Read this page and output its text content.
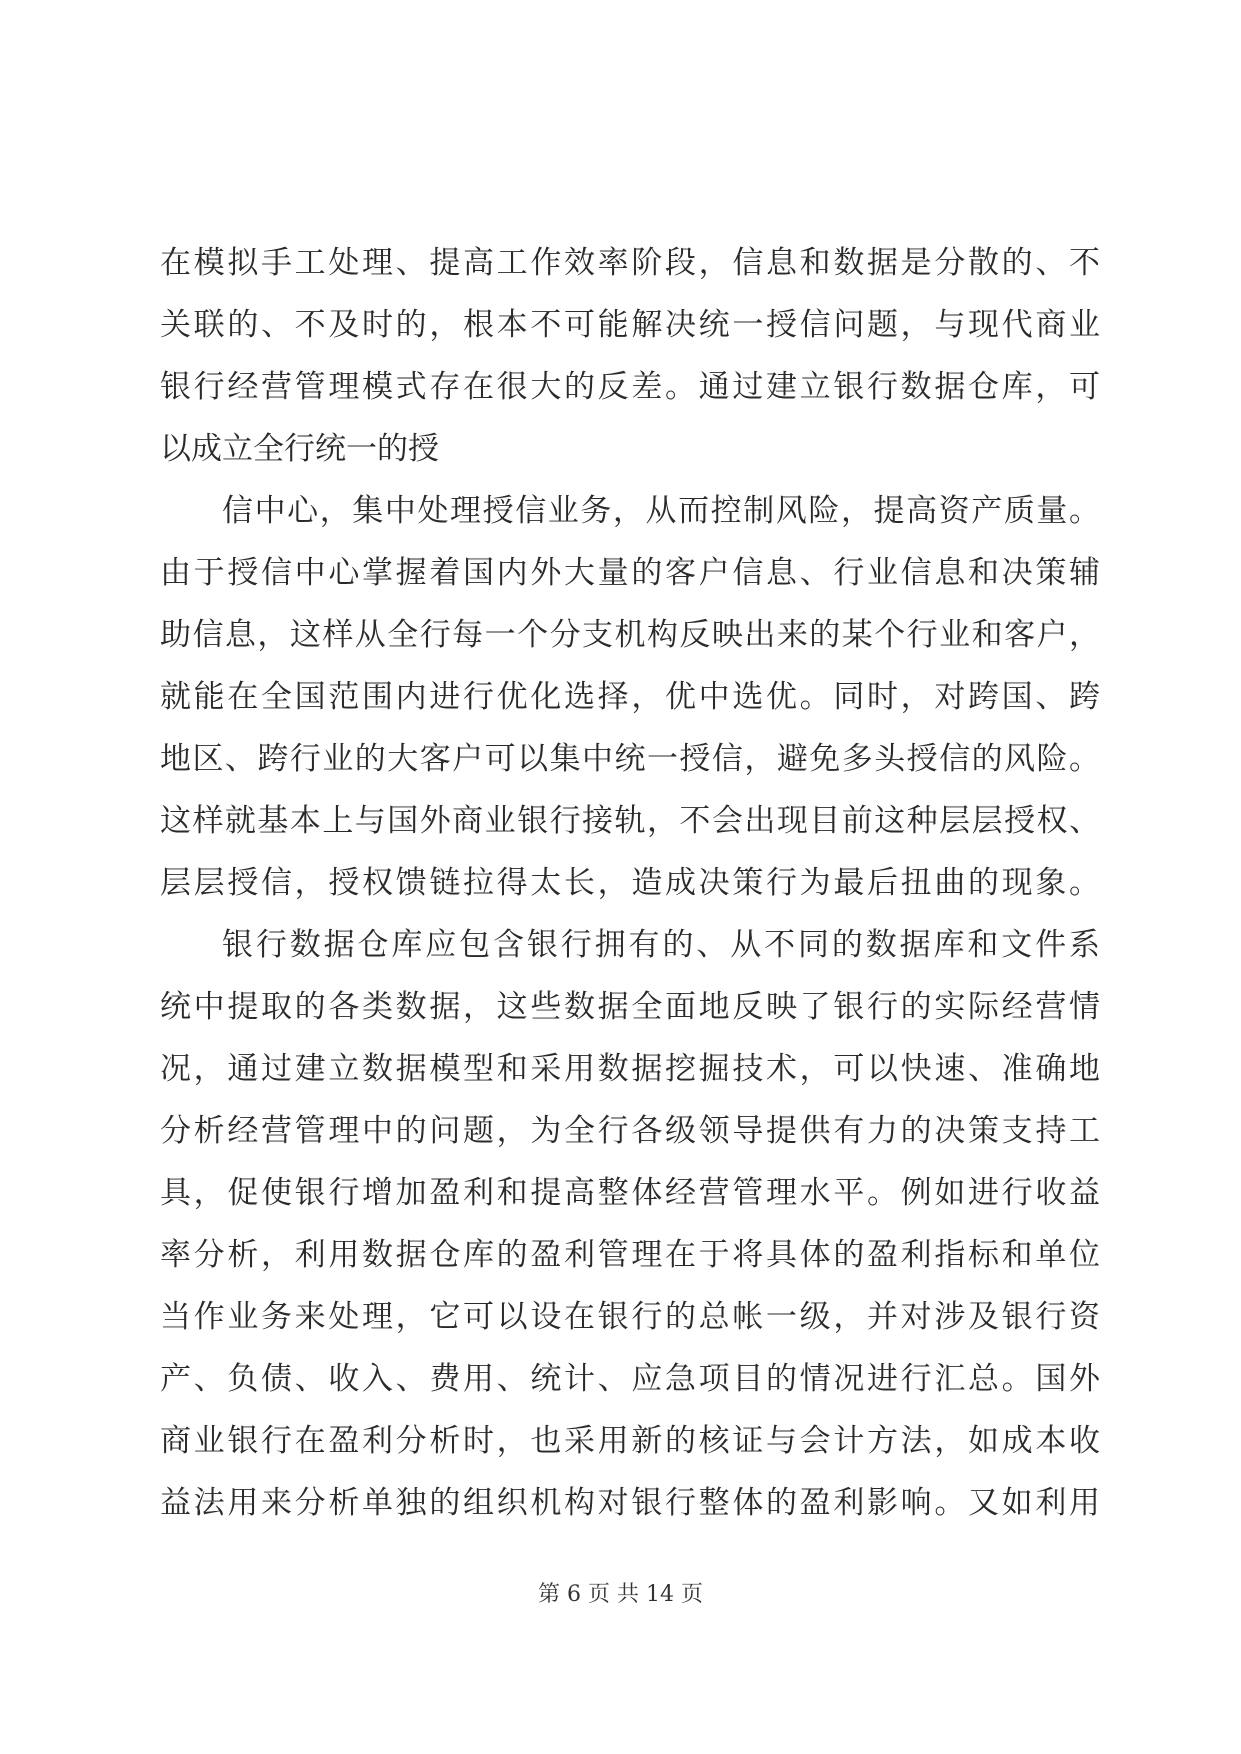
在模拟手工处理、提高工作效率阶段，信息和数据是分散的、不
关联的、不及时的，根本不可能解决统一授信问题，与现代商业
银行经营管理模式存在很大的反差。通过建立银行数据仓库，可
以成立全行统一的授
信中心，集中处理授信业务，从而控制风险，提高资产质量。
由于授信中心掌握着国内外大量的客户信息、行业信息和决策辅
助信息，这样从全行每一个分支机构反映出来的某个行业和客户，
就能在全国范围内进行优化选择，优中选优。同时，对跨国、跨
地区、跨行业的大客户可以集中统一授信，避免多头授信的风险。
这样就基本上与国外商业银行接轨，不会出现目前这种层层授权、
层层授信，授权馈链拉得太长，造成决策行为最后扭曲的现象。
银行数据仓库应包含银行拥有的、从不同的数据库和文件系
统中提取的各类数据，这些数据全面地反映了银行的实际经营情
况，通过建立数据模型和采用数据挖掘技术，可以快速、准确地
分析经营管理中的问题，为全行各级领导提供有力的决策支持工
具，促使银行增加盈利和提高整体经营管理水平。例如进行收益
率分析，利用数据仓库的盈利管理在于将具体的盈利指标和单位
当作业务来处理，它可以设在银行的总帐一级，并对涉及银行资
产、负债、收入、费用、统计、应急项目的情况进行汇总。国外
商业银行在盈利分析时，也采用新的核证与会计方法，如成本收
益法用来分析单独的组织机构对银行整体的盈利影响。又如利用
第 6 页 共 14 页
